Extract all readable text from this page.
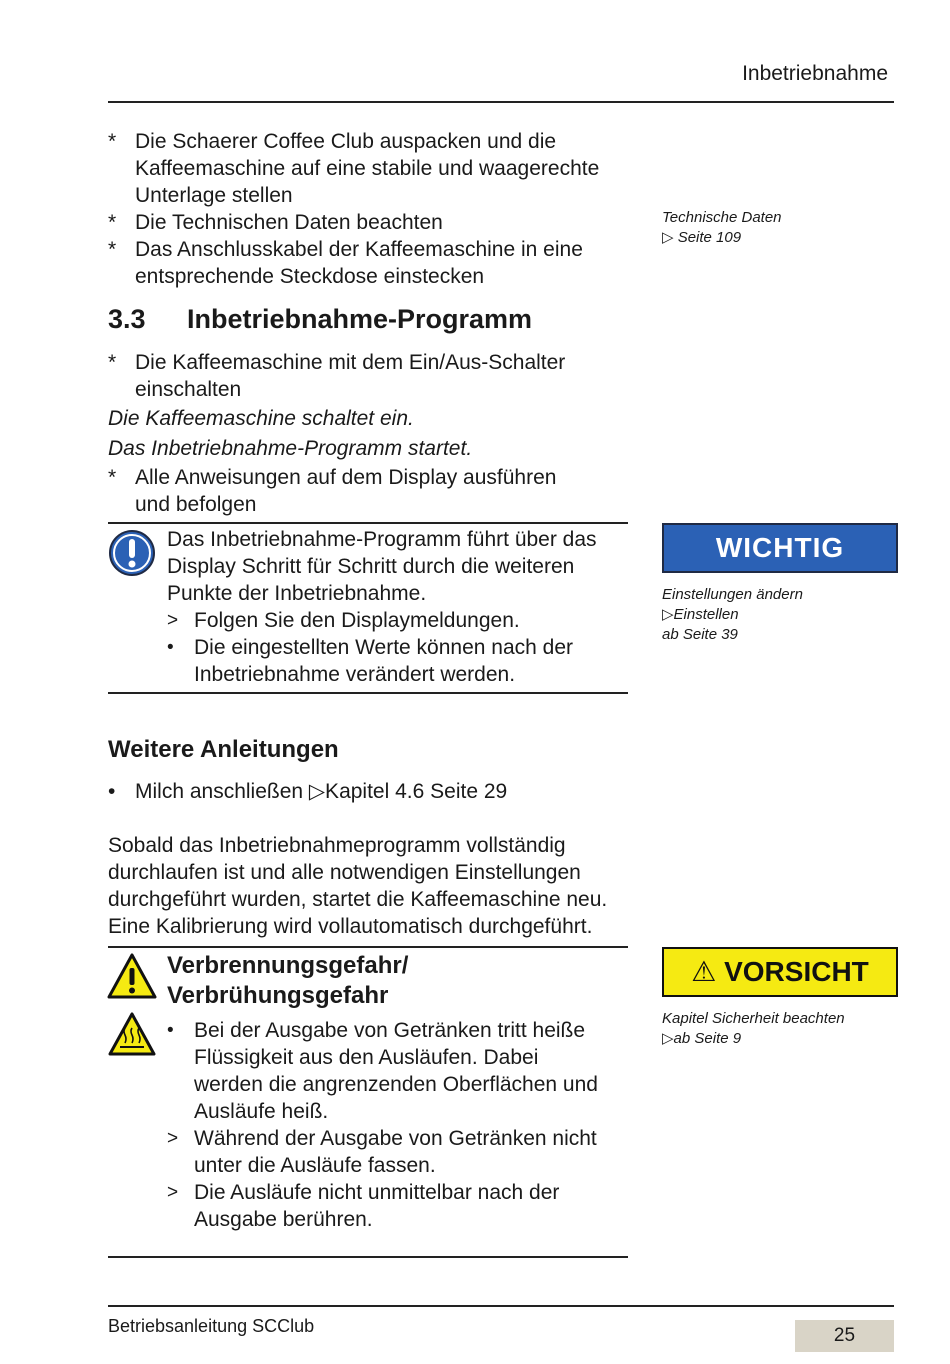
Inbetriebnahme
* Die Schaerer Coffee Club auspacken und die
Kaffeemaschine auf eine stabile und waagerechte
Unterlage stellen
* Die Technischen Daten beachten
* Das Anschlusskabel der Kaffeemaschine in eine
entsprechende Steckdose einstecken
Technische Daten
▷ Seite 109
3.3 Inbetriebnahme-Programm
* Die Kaffeemaschine mit dem Ein/Aus-Schalter
einschalten
Die Kaffeemaschine schaltet ein.
Das Inbetriebnahme-Programm startet.
* Alle Anweisungen auf dem Display ausführen
und befolgen
Das Inbetriebnahme-Programm führt über das
Display Schritt für Schritt durch die weiteren
Punkte der Inbetriebnahme.
> Folgen Sie den Displaymeldungen.
• Die eingestellten Werte können nach der
Inbetriebnahme verändert werden.
WICHTIG
Einstellungen ändern
▷Einstellen
ab Seite 39
Weitere Anleitungen
• Milch anschließen ▷Kapitel 4.6 Seite 29
Sobald das Inbetriebnahmeprogramm vollständig
durchlaufen ist und alle notwendigen Einstellungen
durchgeführt wurden, startet die Kaffeemaschine neu.
Eine Kalibrierung wird vollautomatisch durchgeführt.
Verbrennungsgefahr/
Verbrühungsgefahr
• Bei der Ausgabe von Getränken tritt heiße
Flüssigkeit aus den Ausläufen. Dabei
werden die angrenzenden Oberflächen und
Ausläufe heiß.
> Während der Ausgabe von Getränken nicht
unter die Ausläufe fassen.
> Die Ausläufe nicht unmittelbar nach der
Ausgabe berühren.
⚠ VORSICHT
Kapitel Sicherheit beachten
▷ab Seite 9
Betriebsanleitung SCClub	25
